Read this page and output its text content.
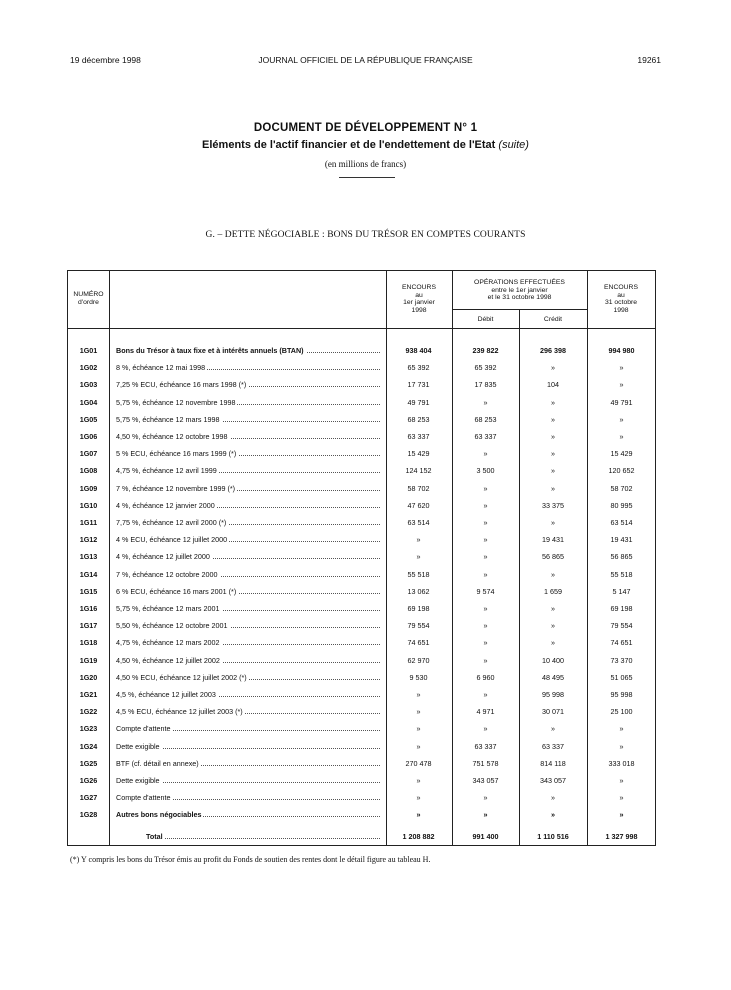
19 décembre 1998	JOURNAL OFFICIEL DE LA RÉPUBLIQUE FRANÇAISE	19261
DOCUMENT DE DÉVELOPPEMENT N° 1
Eléments de l'actif financier et de l'endettement de l'Etat (suite)
(en millions de francs)
G. – DETTE NÉGOCIABLE : BONS DU TRÉSOR EN COMPTES COURANTS
NUMÉRO
d'ordre
ENCOURS
au
1er janvier
1998
OPÉRATIONS EFFECTUÉES
entre le 1er janvier
et le 31 octobre 1998
Débit	Crédit
ENCOURS
au
31 octobre
1998
1G01	Bons du Trésor à taux fixe et à intérêts annuels (BTAN)	938 404	239 822	296 398	994 980
1G02	8 %, échéance 12 mai 1998	65 392	65 392	»	»
1G03	7,25 % ECU, échéance 16 mars 1998 (*)	17 731	17 835	104	»
1G04	5,75 %, échéance 12 novembre 1998	49 791	»	»	49 791
1G05	5,75 %, échéance 12 mars 1998	68 253	68 253	»	»
1G06	4,50 %, échéance 12 octobre 1998	63 337	63 337	»	»
1G07	5 % ECU, échéance 16 mars 1999 (*)	15 429	»	»	15 429
1G08	4,75 %, échéance 12 avril 1999	124 152	3 500	»	120 652
1G09	7 %, échéance 12 novembre 1999 (*)	58 702	»	»	58 702
1G10	4 %, échéance 12 janvier 2000	47 620	»	33 375	80 995
1G11	7,75 %, échéance 12 avril 2000 (*)	63 514	»	»	63 514
1G12	4 % ECU, échéance 12 juillet 2000	»	»	19 431	19 431
1G13	4 %, échéance 12 juillet 2000	»	»	56 865	56 865
1G14	7 %, échéance 12 octobre 2000	55 518	»	»	55 518
1G15	6 % ECU, échéance 16 mars 2001 (*)	13 062	9 574	1 659	5 147
1G16	5,75 %, échéance 12 mars 2001	69 198	»	»	69 198
1G17	5,50 %, échéance 12 octobre 2001	79 554	»	»	79 554
1G18	4,75 %, échéance 12 mars 2002	74 651	»	»	74 651
1G19	4,50 %, échéance 12 juillet 2002	62 970	»	10 400	73 370
1G20	4,50 % ECU, échéance 12 juillet 2002 (*)	9 530	6 960	48 495	51 065
1G21	4,5 %, échéance 12 juillet 2003	»	»	95 998	95 998
1G22	4,5 % ECU, échéance 12 juillet 2003 (*)	»	4 971	30 071	25 100
1G23	Compte d'attente	»	»	»	»
1G24	Dette exigible	»	63 337	63 337	»
1G25	BTF (cf. détail en annexe)	270 478	751 578	814 118	333 018
1G26	Dette exigible	»	343 057	343 057	»
1G27	Compte d'attente	»	»	»	»
1G28	Autres bons négociables	»	»	»	»
Total	1 208 882	991 400	1 110 516	1 327 998
(*) Y compris les bons du Trésor émis au profit du Fonds de soutien des rentes dont le détail figure au tableau H.
